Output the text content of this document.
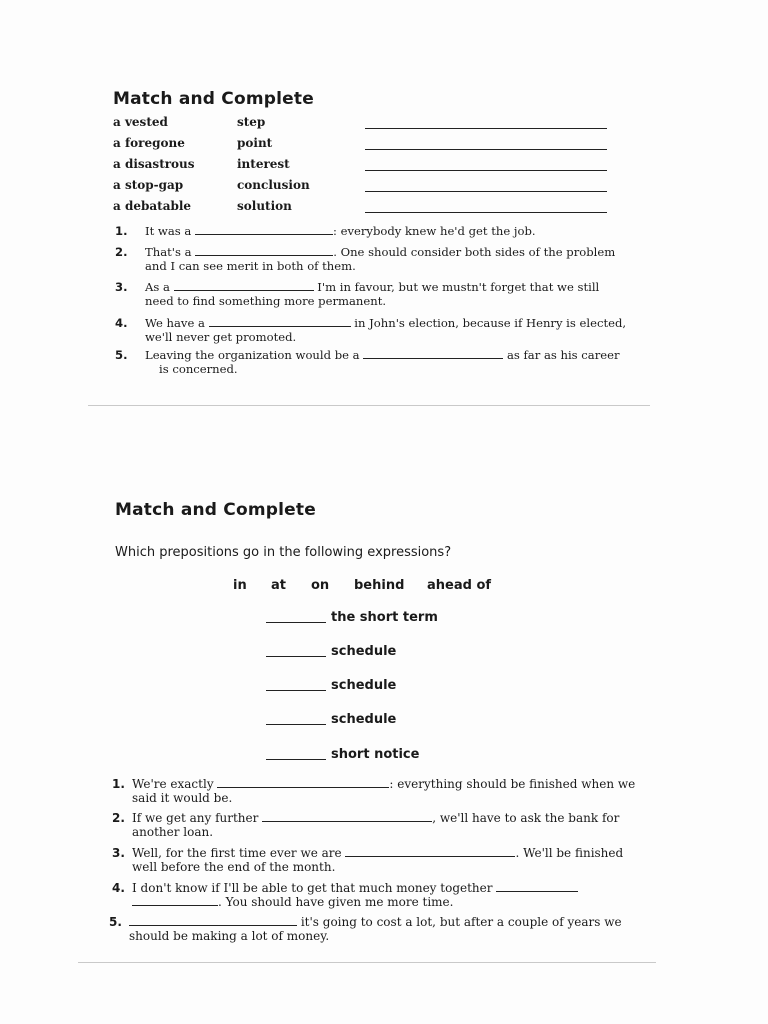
Match and Complete
a vested	step
a foregone	point
a disastrous	interest
a stop-gap	conclusion
a debatable	solution
1. It was a	: everybody knew he'd get the job.
2. That's a	. One should consider both sides of the problem
and I can see merit in both of them.
3. As a	I'm in favour, but we mustn't forget that we still
need to find something more permanent.
4. We have a	in John's election, because if Henry is elected,
we'll never get promoted.
5. Leaving the organization would be a	as far as his career
is concerned.
Match and Complete
Which prepositions go in the following expressions?
in at on behind ahead of
the short term
schedule
schedule
schedule
short notice
1. We're exactly	: everything should be finished when we
said it would be.
2. If we get any further	, we'll have to ask the bank for
another loan.
3. Well, for the first time ever we are	. We'll be finished
well before the end of the month.
4. I don't know if I'll be able to get that much money together
. You should have given me more time.
5.	it's going to cost a lot, but after a couple of years we
should be making a lot of money.
